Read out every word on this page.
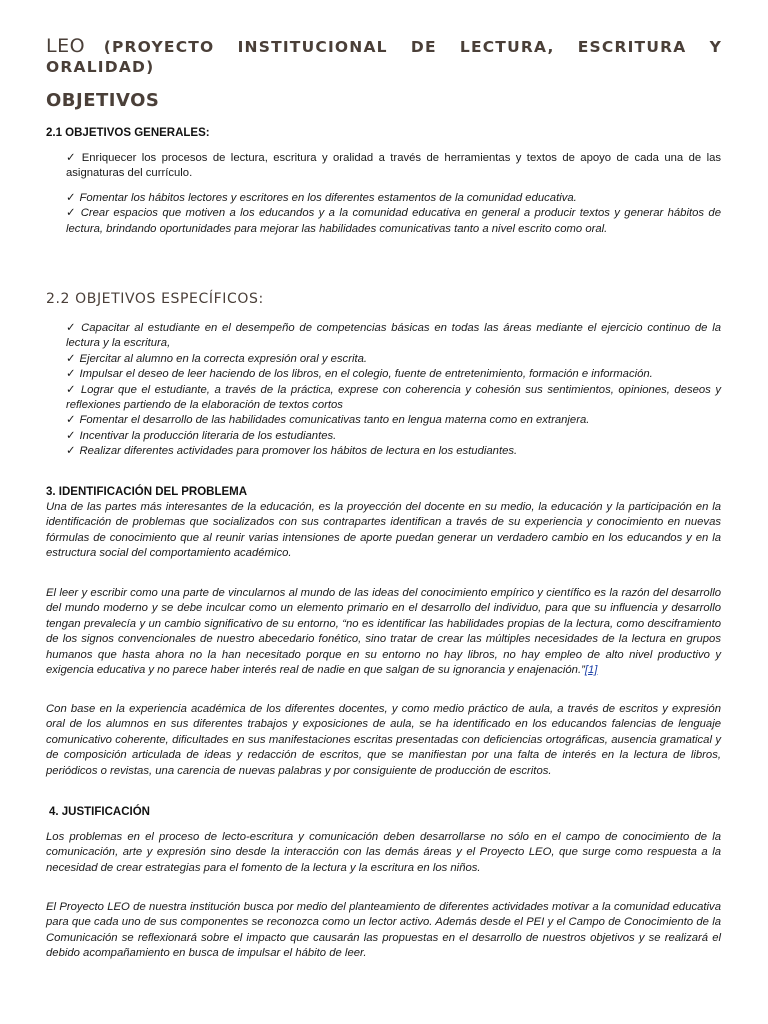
LEO (PROYECTO INSTITUCIONAL DE LECTURA, ESCRITURA Y ORALIDAD)
OBJETIVOS
2.1 OBJETIVOS GENERALES:

✓ Enriquecer los procesos de lectura, escritura y oralidad a través de herramientas y textos de apoyo de cada una de las asignaturas del currículo.

✓ Fomentar los hábitos lectores y escritores en los diferentes estamentos de la comunidad educativa.

✓ Crear espacios que motiven a los educandos y a la comunidad educativa en general a producir textos y generar hábitos de lectura, brindando oportunidades para mejorar las habilidades comunicativas tanto a nivel escrito como oral.

2.2 OBJETIVOS ESPECÍFICOS:

✓ Capacitar al estudiante en el desempeño de competencias básicas en todas las áreas mediante el ejercicio continuo de la lectura y la escritura,

✓ Ejercitar al alumno en la correcta expresión oral y escrita.

✓ Impulsar el deseo de leer haciendo de los libros, en el colegio, fuente de entretenimiento, formación e información.

✓ Lograr que el estudiante, a través de la práctica, exprese con coherencia y cohesión sus sentimientos, opiniones, deseos y reflexiones partiendo de la elaboración de textos cortos

✓ Fomentar el desarrollo de las habilidades comunicativas tanto en lengua materna como en extranjera.

✓ Incentivar la producción literaria de los estudiantes.

✓ Realizar diferentes actividades para promover los hábitos de lectura en los estudiantes.

3. IDENTIFICACIÓN DEL PROBLEMA

Una de las partes más interesantes de la educación, es la proyección del docente en su medio, la educación y la participación en la identificación de problemas que socializados con sus contrapartes identifican a través de su experiencia y conocimiento en nuevas fórmulas de conocimiento que al reunir varias intensiones de aporte puedan generar un verdadero cambio en los educandos y en la estructura social del comportamiento académico.

El leer y escribir como una parte de vincularnos al mundo de las ideas del conocimiento empírico y científico es la razón del desarrollo del mundo moderno y se debe inculcar como un elemento primario en el desarrollo del individuo, para que su influencia y desarrollo tengan prevalecía y un cambio significativo de su entorno, “no es identificar las habilidades propias de la lectura, como desciframiento de los signos convencionales de nuestro abecedario fonético, sino tratar de crear las múltiples necesidades de la lectura en grupos humanos que hasta ahora no la han necesitado porque en su entorno no hay libros, no hay empleo de alto nivel productivo y exigencia educativa y no parece haber interés real de nadie en que salgan de su ignorancia y enajenación.”[1]

Con base en la experiencia académica de los diferentes docentes, y como medio práctico de aula, a través de escritos y expresión oral de los alumnos en sus diferentes trabajos y exposiciones de aula, se ha identificado en los educandos falencias de lenguaje comunicativo coherente, dificultades en sus manifestaciones escritas presentadas con deficiencias ortográficas, ausencia gramatical y de composición articulada de ideas y redacción de escritos, que se manifiestan por una falta de interés en la lectura de libros, periódicos o revistas, una carencia de nuevas palabras y por consiguiente de producción de escritos.

4. JUSTIFICACIÓN

Los problemas en el proceso de lecto-escritura y comunicación deben desarrollarse no sólo en el campo de conocimiento de la comunicación, arte y expresión sino desde la interacción con las demás áreas y el Proyecto LEO, que surge como respuesta a la necesidad de crear estrategias para el fomento de la lectura y la escritura en los niños.

El Proyecto LEO de nuestra institución busca por medio del planteamiento de diferentes actividades motivar a la comunidad educativa para que cada uno de sus componentes se reconozca como un lector activo. Además desde el PEI y el Campo de Conocimiento de la Comunicación se reflexionará sobre el impacto que causarán las propuestas en el desarrollo de nuestros objetivos y se realizará el debido acompañamiento en busca de impulsar el hábito de leer.
